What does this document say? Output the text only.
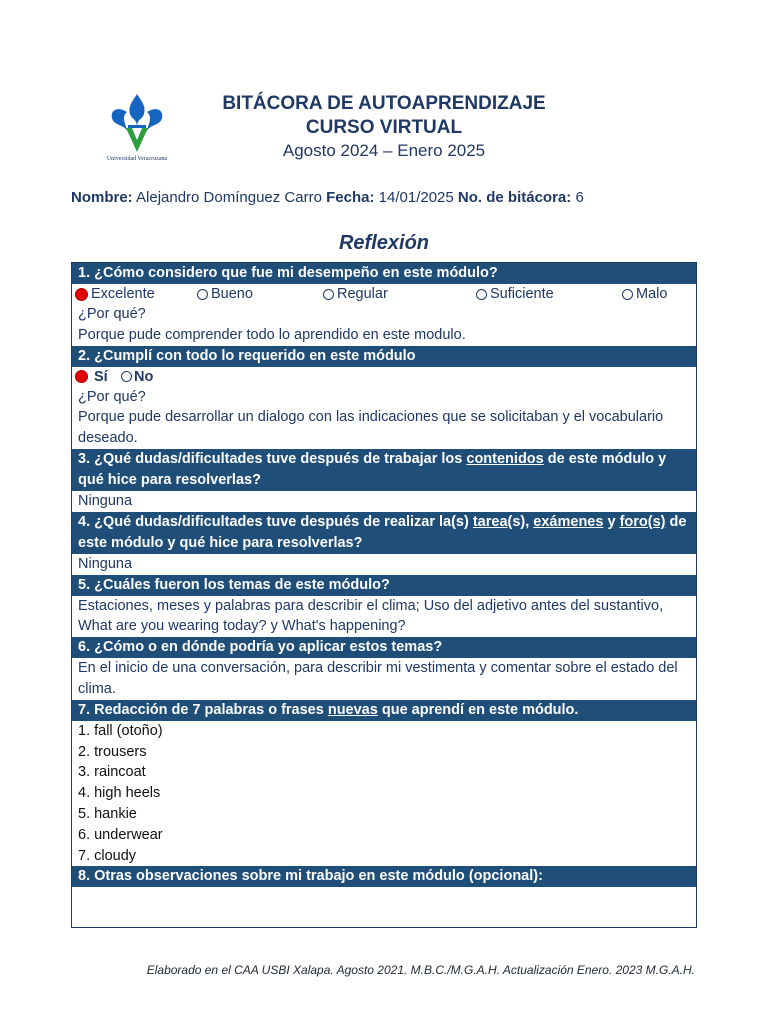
Universidad Veracruzana
BITÁCORA DE AUTOAPRENDIZAJE
CURSO VIRTUAL
Agosto 2024 – Enero 2025
Nombre: Alejandro Domínguez Carro Fecha: 14/01/2025 No. de bitácora: 6
Reflexión
1. ¿Cómo considero que fue mi desempeño en este módulo?
Excelente	Bueno	Regular	Suficiente	Malo
¿Por qué?
Porque pude comprender todo lo aprendido en este modulo.
2. ¿Cumplí con todo lo requerido en este módulo
Sí No
¿Por qué?
Porque pude desarrollar un dialogo con las indicaciones que se solicitaban y el vocabulario deseado.
3. ¿Qué dudas/dificultades tuve después de trabajar los contenidos de este módulo y qué hice para resolverlas?
Ninguna
4. ¿Qué dudas/dificultades tuve después de realizar la(s) tarea(s), exámenes y foro(s) de este módulo y qué hice para resolverlas?
Ninguna
5. ¿Cuáles fueron los temas de este módulo?
Estaciones, meses y palabras para describir el clima; Uso del adjetivo antes del sustantivo, What are you wearing today? y What's happening?
6. ¿Cómo o en dónde podría yo aplicar estos temas?
En el inicio de una conversación, para describir mi vestimenta y comentar sobre el estado del clima.
7. Redacción de 7 palabras o frases nuevas que aprendí en este módulo.
1. fall (otoño)
2. trousers
3. raincoat
4. high heels
5. hankie
6. underwear
7. cloudy
8. Otras observaciones sobre mi trabajo en este módulo (opcional):
Elaborado en el CAA USBI Xalapa. Agosto 2021. M.B.C./M.G.A.H. Actualización Enero. 2023 M.G.A.H.
